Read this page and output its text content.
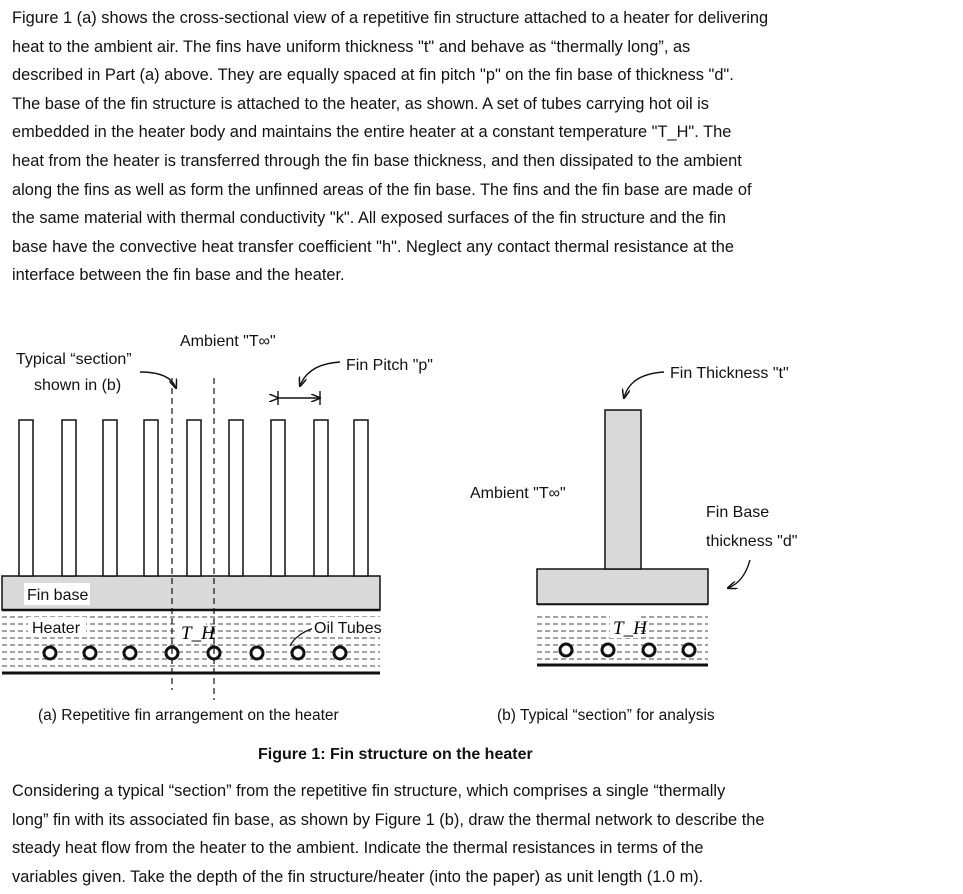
Figure 1 (a) shows the cross-sectional view of a repetitive fin structure attached to a heater for delivering
heat to the ambient air. The fins have uniform thickness "t" and behave as “thermally long”, as
described in Part (a) above. They are equally spaced at fin pitch "p" on the fin base of thickness "d".
The base of the fin structure is attached to the heater, as shown. A set of tubes carrying hot oil is
embedded in the heater body and maintains the entire heater at a constant temperature "T_H". The
heat from the heater is transferred through the fin base thickness, and then dissipated to the ambient
along the fins as well as form the unfinned areas of the fin base. The fins and the fin base are made of
the same material with thermal conductivity "k". All exposed surfaces of the fin structure and the fin
base have the convective heat transfer coefficient "h". Neglect any contact thermal resistance at the
interface between the fin base and the heater.
Ambient "T∞"
Typical “section”
shown in (b)
Fin Pitch "p"
Fin base
Heater	T_H	Oil Tubes
(a) Repetitive fin arrangement on the heater
Fin Thickness "t"
Ambient "T∞"
Fin Base
thickness "d"
T_H
(b) Typical “section” for analysis
Figure 1: Fin structure on the heater
Considering a typical “section” from the repetitive fin structure, which comprises a single “thermally
long” fin with its associated fin base, as shown by Figure 1 (b), draw the thermal network to describe the
steady heat flow from the heater to the ambient. Indicate the thermal resistances in terms of the
variables given. Take the depth of the fin structure/heater (into the paper) as unit length (1.0 m).
